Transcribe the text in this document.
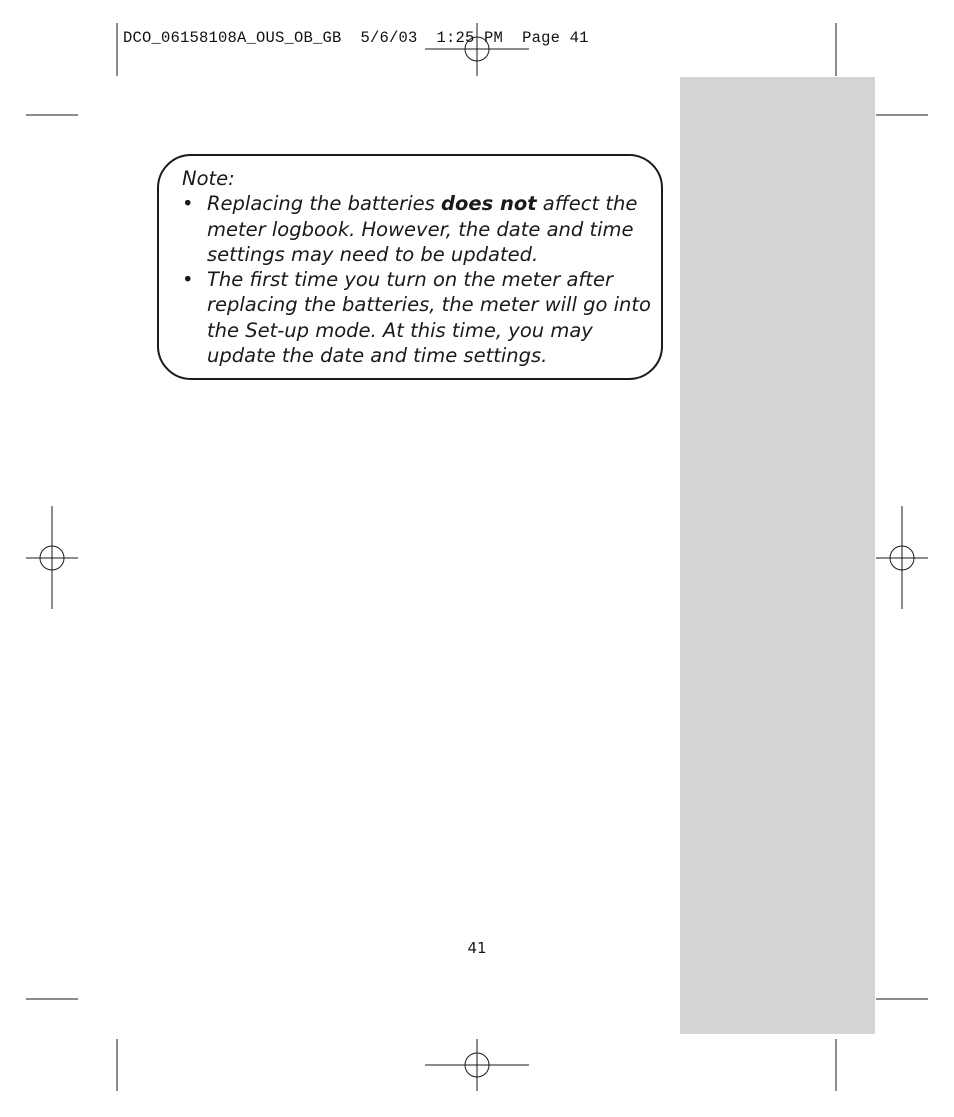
DCO_06158108A_OUS_OB_GB  5/6/03  1:25 PM  Page 41

Note:

• Replacing the batteries does not affect the meter logbook. However, the date and time settings may need to be updated.
• The first time you turn on the meter after replacing the batteries, the meter will go into the Set-up mode. At this time, you may update the date and time settings.
41
